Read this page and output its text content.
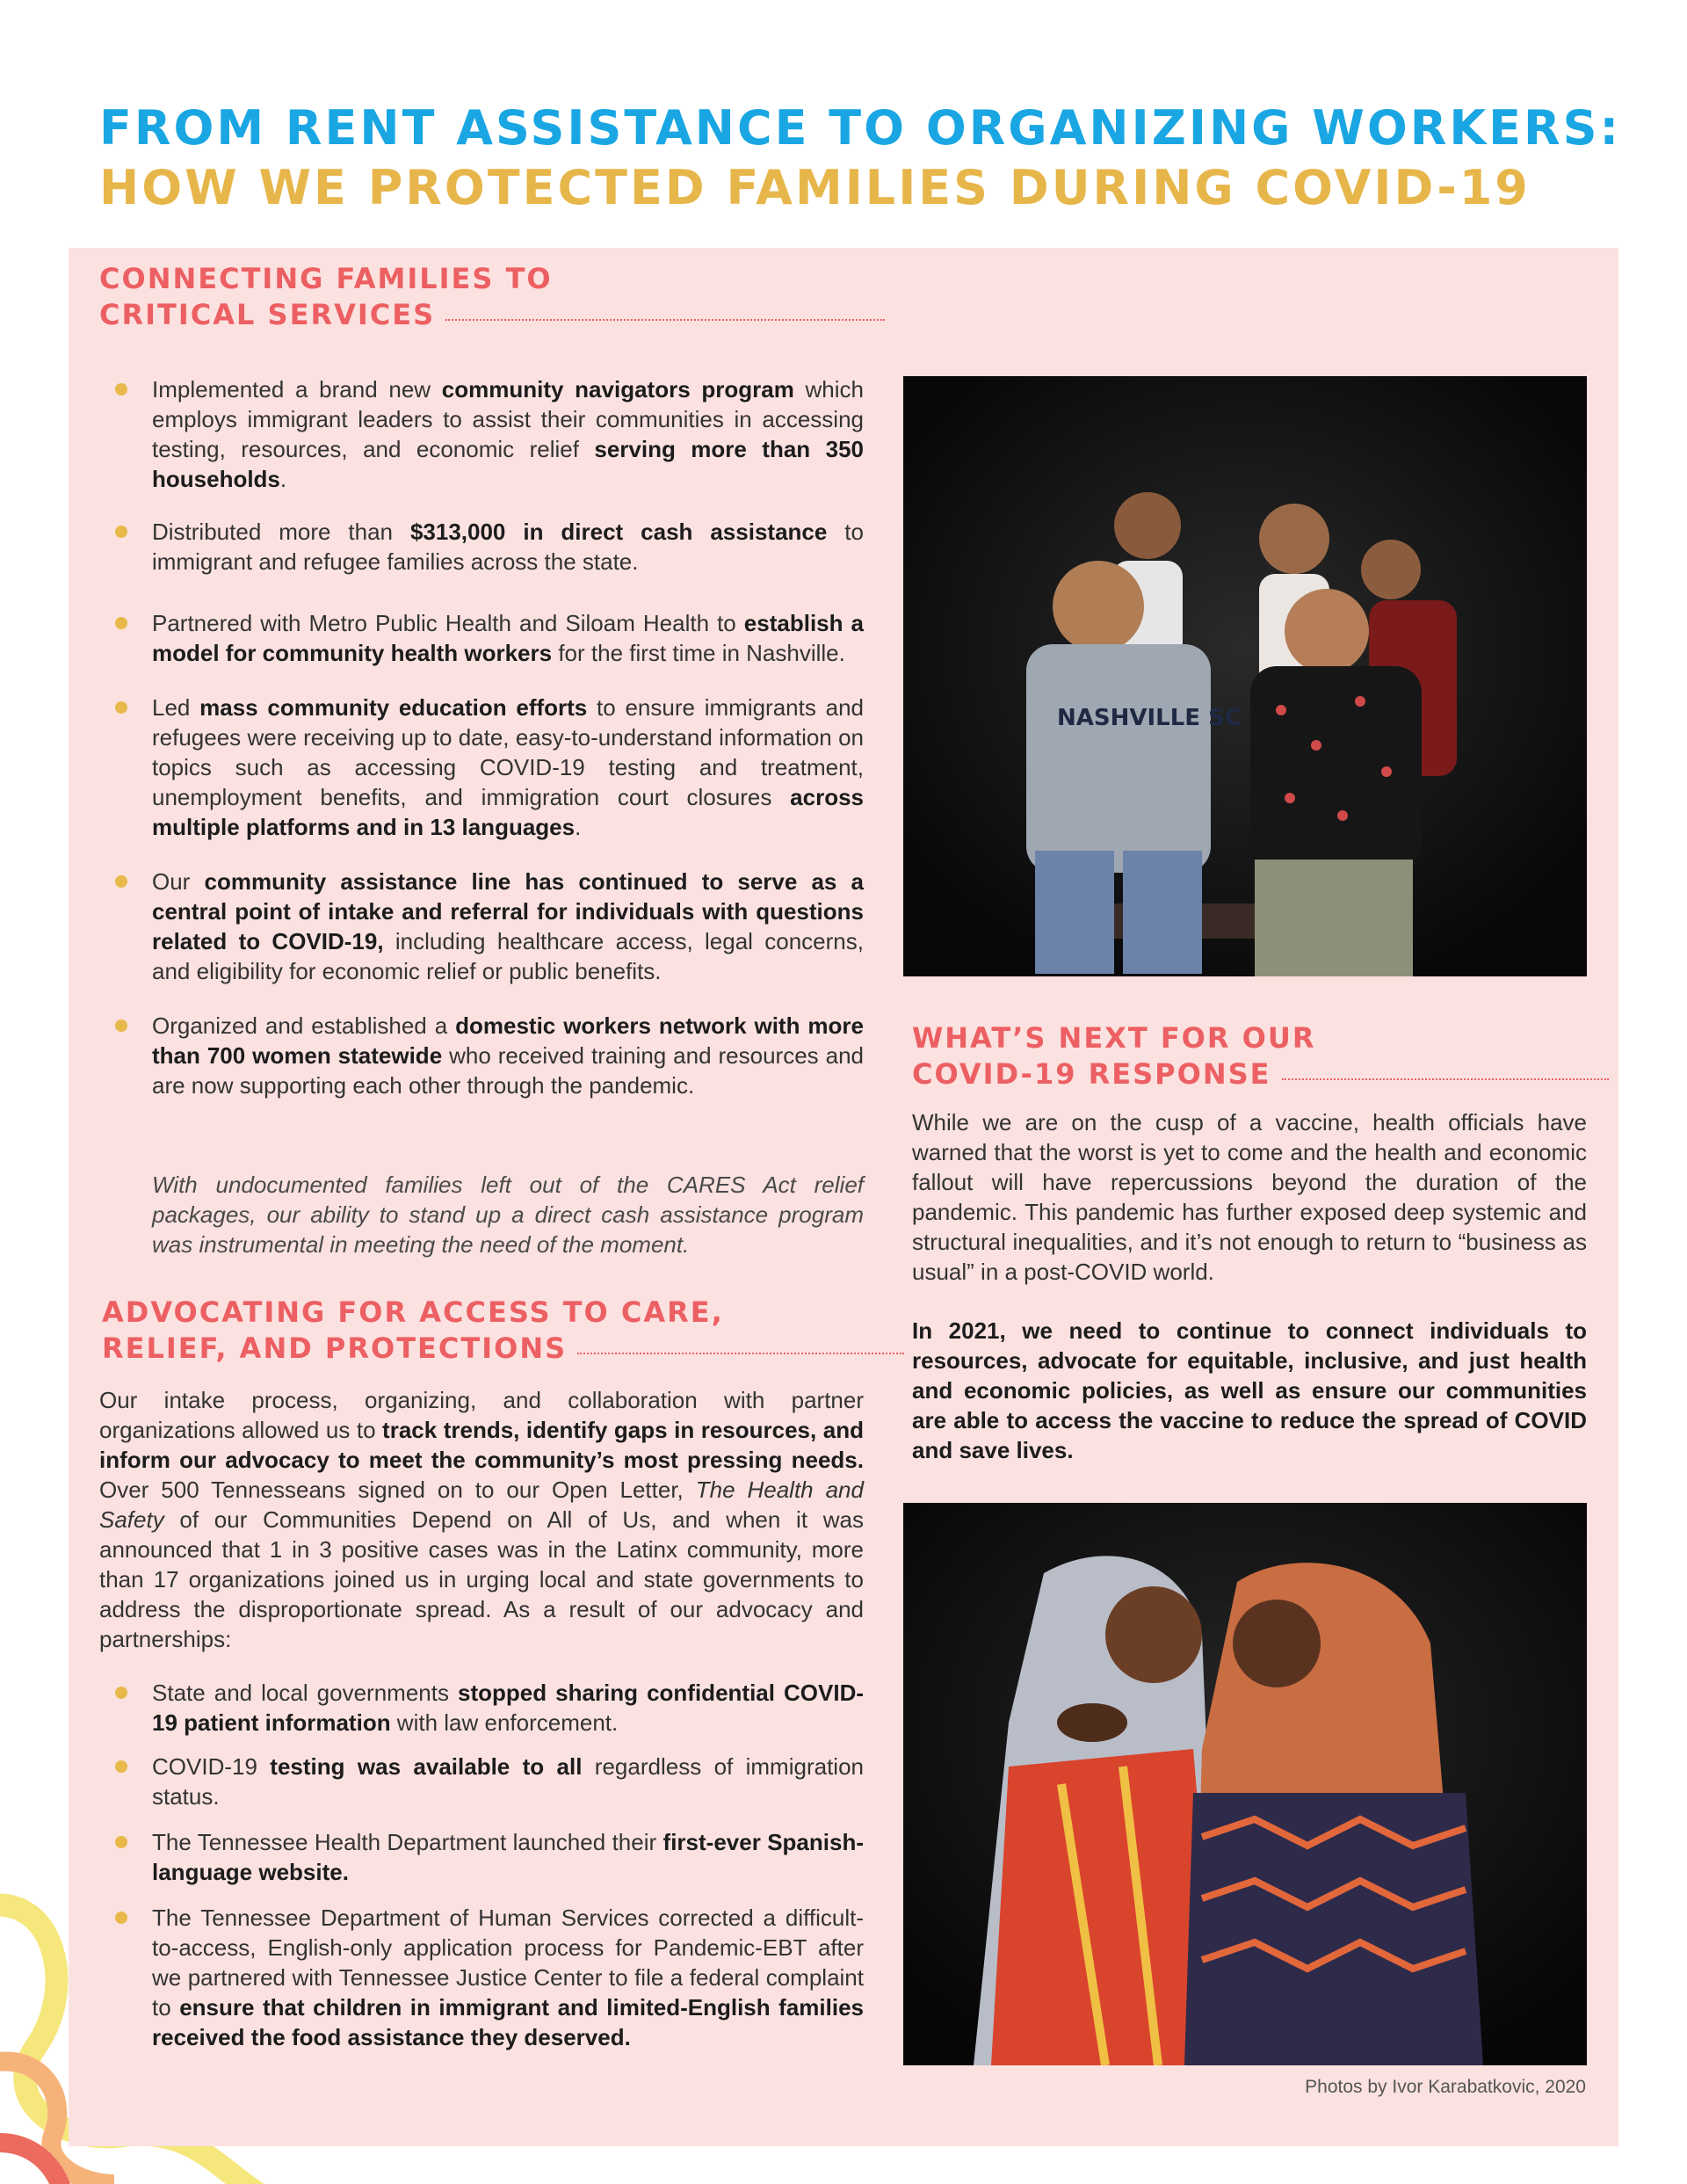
FROM RENT ASSISTANCE TO ORGANIZING WORKERS:
HOW WE PROTECTED FAMILIES DURING COVID-19
CONNECTING FAMILIES TO
CRITICAL SERVICES
Implemented a brand new community navigators program which employs immigrant leaders to assist their communities in accessing testing, resources, and economic relief serving more than 350 households.
Distributed more than $313,000 in direct cash assistance to immigrant and refugee families across the state.
Partnered with Metro Public Health and Siloam Health to establish a model for community health workers for the first time in Nashville.
Led mass community education efforts to ensure immigrants and refugees were receiving up to date, easy-to-understand information on topics such as accessing COVID-19 testing and treatment, unemployment benefits, and immigration court closures across multiple platforms and in 13 languages.
Our community assistance line has continued to serve as a central point of intake and referral for individuals with questions related to COVID-19, including healthcare access, legal concerns, and eligibility for economic relief or public benefits.
Organized and established a domestic workers network with more than 700 women statewide who received training and resources and are now supporting each other through the pandemic.

With undocumented families left out of the CARES Act relief packages, our ability to stand up a direct cash assistance program was instrumental in meeting the need of the moment.

ADVOCATING FOR ACCESS TO CARE,
RELIEF, AND PROTECTIONS

Our intake process, organizing, and collaboration with partner organizations allowed us to track trends, identify gaps in resources, and inform our advocacy to meet the community’s most pressing needs. Over 500 Tennesseans signed on to our Open Letter, The Health and Safety of our Communities Depend on All of Us, and when it was announced that 1 in 3 positive cases was in the Latinx community, more than 17 organizations joined us in urging local and state governments to address the disproportionate spread. As a result of our advocacy and partnerships:

State and local governments stopped sharing confidential COVID-19 patient information with law enforcement.
COVID-19 testing was available to all regardless of immigration status.
The Tennessee Health Department launched their first-ever Spanish-language website.
The Tennessee Department of Human Services corrected a difficult-to-access, English-only application process for Pandemic-EBT after we partnered with Tennessee Justice Center to file a federal complaint to ensure that children in immigrant and limited-English families received the food assistance they deserved.
NASHVILLE SC
WHAT’S NEXT FOR OUR
COVID-19 RESPONSE

While we are on the cusp of a vaccine, health officials have warned that the worst is yet to come and the health and economic fallout will have repercussions beyond the duration of the pandemic. This pandemic has further exposed deep systemic and structural inequalities, and it’s not enough to return to “business as usual” in a post-COVID world.

In 2021, we need to continue to connect individuals to resources, advocate for equitable, inclusive, and just health and economic policies, as well as ensure our communities are able to access the vaccine to reduce the spread of COVID and save lives.

Photos by Ivor Karabatkovic, 2020
